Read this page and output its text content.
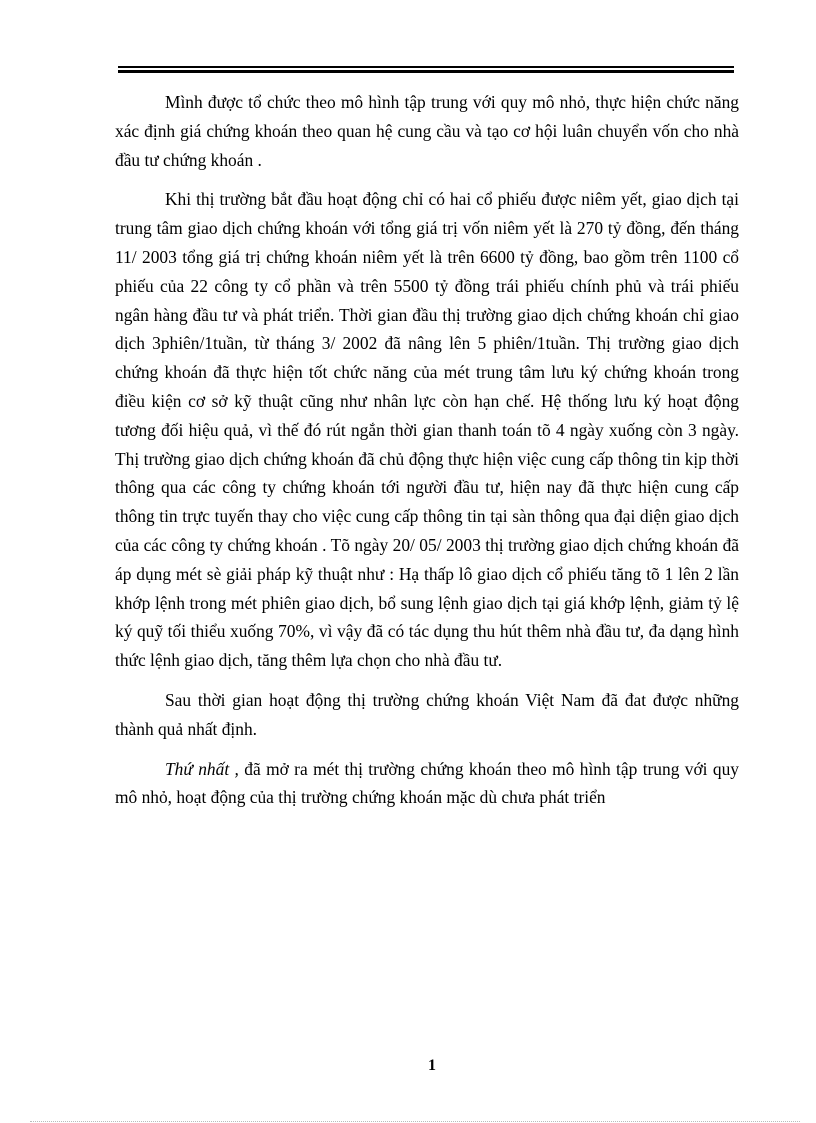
Mình được tổ chức theo mô hình tập trung với quy mô nhỏ, thực hiện chức năng xác định giá chứng khoán theo quan hệ cung cầu và tạo cơ hội luân chuyển vốn cho nhà đầu tư chứng khoán .

Khi thị trường bắt đầu hoạt động chỉ có hai cổ phiếu được niêm yết, giao dịch tại trung tâm giao dịch chứng khoán với tổng giá trị vốn niêm yết là 270 tỷ đồng, đến tháng 11/ 2003 tổng giá trị chứng khoán niêm yết là trên 6600 tỷ đồng, bao gồm trên 1100 cổ phiếu của 22 công ty cổ phần và trên 5500 tỷ đồng trái phiếu chính phủ và trái phiếu ngân hàng đầu tư và phát triển. Thời gian đầu thị trường giao dịch chứng khoán chỉ giao dịch 3phiên/1tuần, từ tháng 3/ 2002 đã nâng lên 5 phiên/1tuần. Thị trường giao dịch chứng khoán đã thực hiện tốt chức năng của mét trung tâm lưu ký chứng khoán trong điều kiện cơ sở kỹ thuật cũng như nhân lực còn hạn chế. Hệ thống lưu ký hoạt động tương đối hiệu quả, vì thế đó rút ngắn thời gian thanh toán tõ 4 ngày xuống còn 3 ngày. Thị trường giao dịch chứng khoán đã chủ động thực hiện việc cung cấp thông tin kịp thời thông qua các công ty chứng khoán tới người đầu tư, hiện nay đã thực hiện cung cấp thông tin trực tuyến thay cho việc cung cấp thông tin tại sàn thông qua đại diện giao dịch của các công ty chứng khoán . Tõ ngày 20/ 05/ 2003 thị trường giao dịch chứng khoán đã áp dụng mét sè giải pháp kỹ thuật như : Hạ thấp lô giao dịch cổ phiếu tăng tõ 1 lên 2 lần khớp lệnh trong mét phiên giao dịch, bổ sung lệnh giao dịch tại giá khớp lệnh, giảm tỷ lệ ký quỹ tối thiểu xuống 70%, vì vậy đã có tác dụng thu hút thêm nhà đầu tư, đa dạng hình thức lệnh giao dịch, tăng thêm lựa chọn cho nhà đầu tư.

Sau thời gian hoạt động thị trường chứng khoán Việt Nam đã đat được những thành quả nhất định.

Thứ nhất , đã mở ra mét thị trường chứng khoán theo mô hình tập trung với quy mô nhỏ, hoạt động của thị trường chứng khoán mặc dù chưa phát triển

1
